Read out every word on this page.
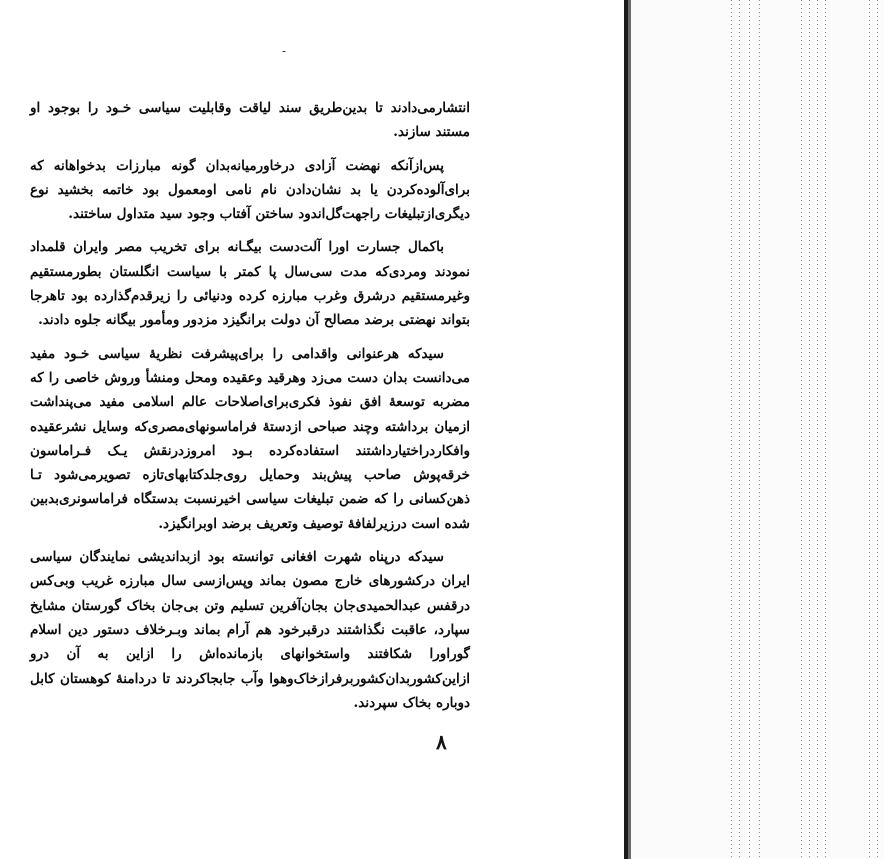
-

انتشارمی‌دادند تا بدین‌طریق سند لیاقت وقابلیت سیاسی خـود را بوجود او مستند سازند.

پس‌ازآنکه نهضت آزادی درخاورمیانه‌بدان گونه مبارزات بدخواهانه که برای‌آلوده‌کردن یا بد نشان‌دادن نام نامی اومعمول بود خاتمه بخشید نوع دیگری‌ازتبلیغات راجهت‌گل‌اندود ساختن آفتاب وجود سید متداول ساختند.

باکمال جسارت اورا آلت‌دست بیگـانه برای تخریب مصر وایران قلمداد نمودند ومردی‌که مدت سی‌سال پا کمتر با سیاست انگلستان بطورمستقیم وغیرمستقیم درشرق وغرب مبارزه کرده ودنیائی را زیرقدم‌گذارده بود تاهرجا بتواند نهضتی برضد مصالح آن دولت برانگیزد مزدور ومأمور بیگانه جلوه دادند.

سیدکه هرعنوانی واقدامی را برای‌پیشرفت نظریهٔ سیاسی خـود مفید می‌دانست بدان دست می‌زد وهرقید وعقیده ومحل ومنشأ وروش خاصی را که مضربه توسعهٔ افق نفوذ فکری‌برای‌اصلاحات عالم اسلامی مفید می‌پنداشت ازمیان برداشته وچند صباحی ازدستهٔ فراماسونهای‌مصری‌که وسایل نشرعقیده وافکاردراختیارداشتند استفاده‌کرده بـود امروزدرنقش یـک فـراماسون خرقه‌پوش صاحب پیش‌بند وحمایل روی‌جلدکتابهای‌تازه تصویرمی‌شود تـا ذهن‌کسانی را که ضمن تبلیغات سیاسی اخیرنسبت بدستگاه فراماسونری‌بدبین شده است درزیرلفافهٔ توصیف وتعریف برضد اوبرانگیزد.

سیدکه درپناه شهرت افغانی توانسته بود ازبداندیشی نمایندگان سیاسی ایران درکشورهای خارج مصون بماند وپس‌ازسی سال مبارزه غریب وبی‌کس درقفس عبدالحمیدی‌جان بجان‌آفرین تسلیم وتن بی‌جان بخاک گورستان مشایخ سپارد، عاقبت نگذاشتند درقبرخود هم آرام بماند وبـرخلاف دستور دین اسلام گوراورا شکافتند واستخوانهای بازمانده‌اش را ازاین به آن درو ازاین‌کشوربدان‌کشوربرفرازخاک‌وهوا وآب جابجاکردند تا دردامنهٔ کوهستان کابل دوباره بخاک سپردند.

۸
